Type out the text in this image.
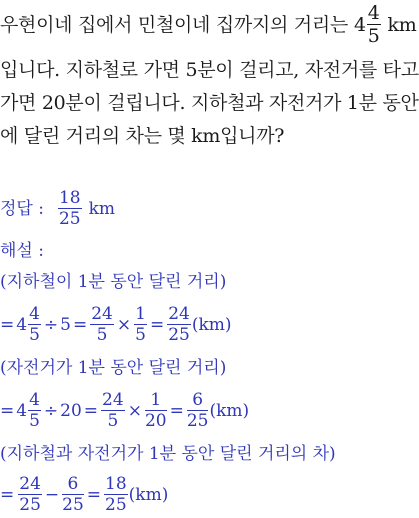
우현이네 집에서 민철이네 집까지의 거리는 $4 \frac{4}{5}$ km
입니다. 지하철로 가면 5분이 걸리고, 자전거를 타고
가면 20분이 걸립니다. 지하철과 자전거가 1분 동안
에 달린 거리의 차는 몇 km입니까?
정답 : $\frac{18}{25}$ km
해설 :
(지하철이 1분 동안 달린 거리)
= $4 \frac{4}{5} \div 5 = \frac{24}{5} \times \frac{1}{5} = \frac{24}{25} (km)$
(자전거가 1분 동안 달린 거리)
= $4 \frac{4}{5} \div 20 = \frac{24}{5} \times \frac{1}{20} = \frac{6}{25} (km)$
(지하철과 자전거가 1분 동안 달린 거리의 차)
= $\frac{24}{25} - \frac{6}{25} = \frac{18}{25} (km)$
